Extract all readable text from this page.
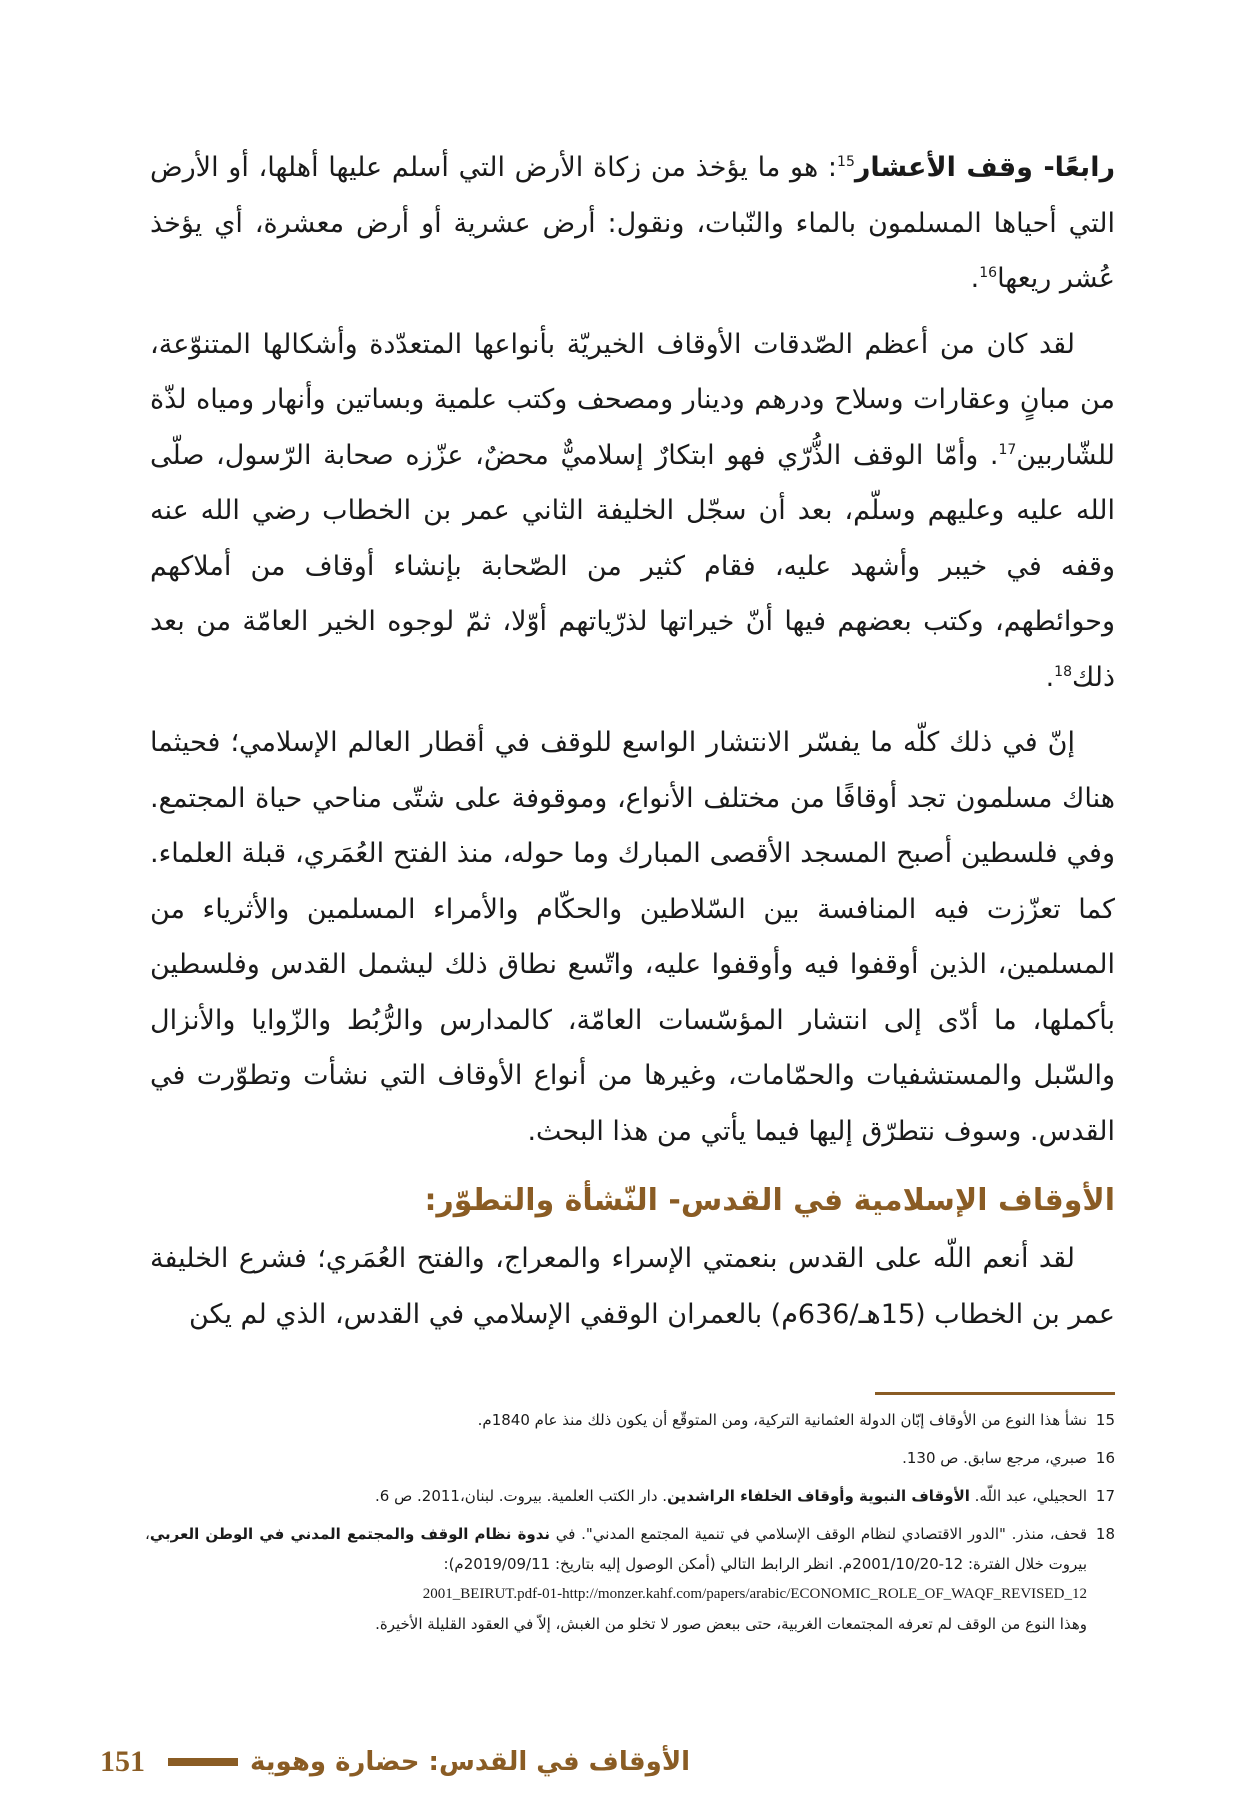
رابعًا- وقف الأعشار$^{15}$: هو ما يؤخذ من زكاة الأرض التي أسلم عليها أهلها، أو الأرض التي أحياها المسلمون بالماء والنّبات، ونقول: أرض عشرية أو أرض معشرة، أي يؤخذ عُشر ريعها$^{16}$.

لقد كان من أعظم الصّدقات الأوقاف الخيريّة بأنواعها المتعدّدة وأشكالها المتنوّعة، من مبانٍ وعقارات وسلاح ودرهم ودينار ومصحف وكتب علمية وبساتين وأنهار ومياه لذّة للشّاربين$^{17}$. وأمّا الوقف الذُّرّي فهو ابتكارٌ إسلاميٌّ محضٌ، عزّزه صحابة الرّسول، صلّى الله عليه وعليهم وسلّم، بعد أن سجّل الخليفة الثاني عمر بن الخطاب رضي الله عنه وقفه في خيبر وأشهد عليه، فقام كثير من الصّحابة بإنشاء أوقاف من أملاكهم وحوائطهم، وكتب بعضهم فيها أنّ خيراتها لذرّياتهم أوّلا، ثمّ لوجوه الخير العامّة من بعد ذلك$^{18}$.

إنّ في ذلك كلّه ما يفسّر الانتشار الواسع للوقف في أقطار العالم الإسلامي؛ فحيثما هناك مسلمون تجد أوقافًا من مختلف الأنواع، وموقوفة على شتّى مناحي حياة المجتمع. وفي فلسطين أصبح المسجد الأقصى المبارك وما حوله، منذ الفتح العُمَري، قبلة العلماء. كما تعزّزت فيه المنافسة بين السّلاطين والحكّام والأمراء المسلمين والأثرياء من المسلمين، الذين أوقفوا فيه وأوقفوا عليه، واتّسع نطاق ذلك ليشمل القدس وفلسطين بأكملها، ما أدّى إلى انتشار المؤسّسات العامّة، كالمدارس والرُّبُط والزّوايا والأنزال والسّبل والمستشفيات والحمّامات، وغيرها من أنواع الأوقاف التي نشأت وتطوّرت في القدس. وسوف نتطرّق إليها فيما يأتي من هذا البحث.

الأوقاف الإسلامية في القدس- النّشأة والتطوّر:

لقد أنعم اللّه على القدس بنعمتي الإسراء والمعراج، والفتح العُمَري؛ فشرع الخليفة عمر بن الخطاب (15هـ/636م) بالعمران الوقفي الإسلامي في القدس، الذي لم يكن

15
نشأ هذا النوع من الأوقاف إبّان الدولة العثمانية التركية، ومن المتوقّع أن يكون ذلك منذ عام 1840م.
16
صبري، مرجع سابق. ص 130.
17
الحجيلي، عبد اللّه. الأوقاف النبوية وأوقاف الخلفاء الراشدين. دار الكتب العلمية. بيروت. لبنان،2011. ص 6.
18
قحف، منذر. "الدور الاقتصادي لنظام الوقف الإسلامي في تنمية المجتمع المدني". في ندوة نظام الوقف والمجتمع المدني في الوطن العربي، بيروت خلال الفترة: 12-2001/10/20م. انظر الرابط التالي (أمكن الوصول إليه بتاريخ: 2019/09/11م):
2001_BEIRUT.pdf-01-http://monzer.kahf.com/papers/arabic/ECONOMIC_ROLE_OF_WAQF_REVISED_12
وهذا النوع من الوقف لم تعرفه المجتمعات الغربية، حتى ببعض صور لا تخلو من الغبش، إلاّ في العقود القليلة الأخيرة.
151	الأوقاف في القدس: حضارة وهوية
